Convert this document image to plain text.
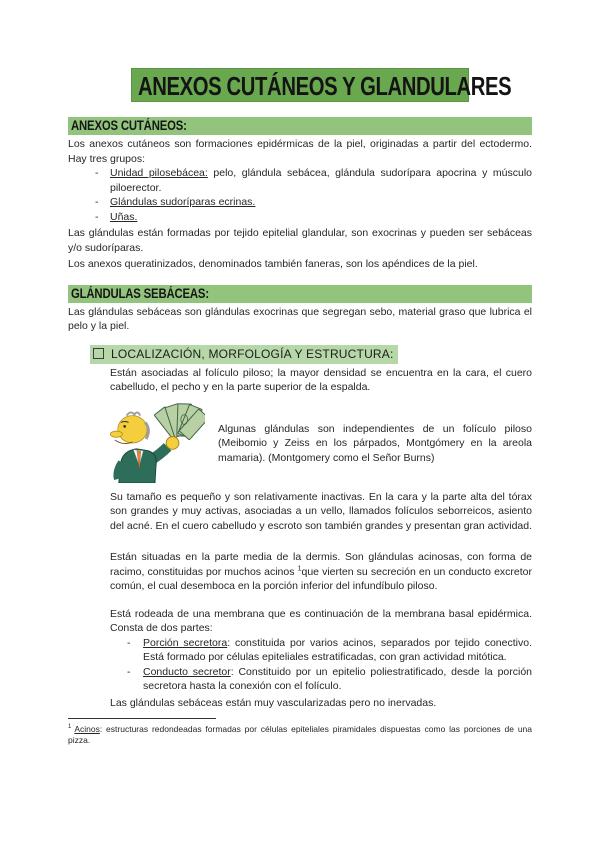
ANEXOS CUTÁNEOS Y GLANDULARES
ANEXOS CUTÁNEOS:

Los anexos cutáneos son formaciones epidérmicas de la piel, originadas a partir del ectodermo. Hay tres grupos:

-	Unidad pilosebácea: pelo, glándula sebácea, glándula sudorípara apocrina y músculo piloerector.
-	Glándulas sudoríparas ecrinas.
-	Uñas.

Las glándulas están formadas por tejido epitelial glandular, son exocrinas y pueden ser sebáceas y/o sudoríparas.

Los anexos queratinizados, denominados también faneras, son los apéndices de la piel.

GLÁNDULAS SEBÁCEAS:

Las glándulas sebáceas son glándulas exocrinas que segregan sebo, material graso que lubrica el pelo y la piel.

LOCALIZACIÓN, MORFOLOGÍA Y ESTRUCTURA:

Están asociadas al folículo piloso; la mayor densidad se encuentra en la cara, el cuero cabelludo, el pecho y en la parte superior de la espalda.

Algunas glándulas son independientes de un folículo piloso (Meibomio y Zeiss en los párpados, Montgómery en la areola mamaria). (Montgomery como el Señor Burns)

Su tamaño es pequeño y son relativamente inactivas. En la cara y la parte alta del tórax son grandes y muy activas, asociadas a un vello, llamados folículos seborreicos, asiento del acné. En el cuero cabelludo y escroto son también grandes y presentan gran actividad.

Están situadas en la parte media de la dermis. Son glándulas acinosas, con forma de racimo, constituidas por muchos acinos $^1$que vierten su secreción en un conducto excretor común, el cual desemboca en la porción inferior del infundíbulo piloso.

Está rodeada de una membrana que es continuación de la membrana basal epidérmica. Consta de dos partes:

-	Porción secretora: constituida por varios acinos, separados por tejido conectivo. Está formado por células epiteliales estratificadas, con gran actividad mitótica.
-	Conducto secretor: Constituido por un epitelio poliestratificado, desde la porción secretora hasta la conexión con el folículo.

Las glándulas sebáceas están muy vascularizadas pero no inervadas.

$^1$ Acinos: estructuras redondeadas formadas por células epiteliales piramidales dispuestas como las porciones de una pizza.
